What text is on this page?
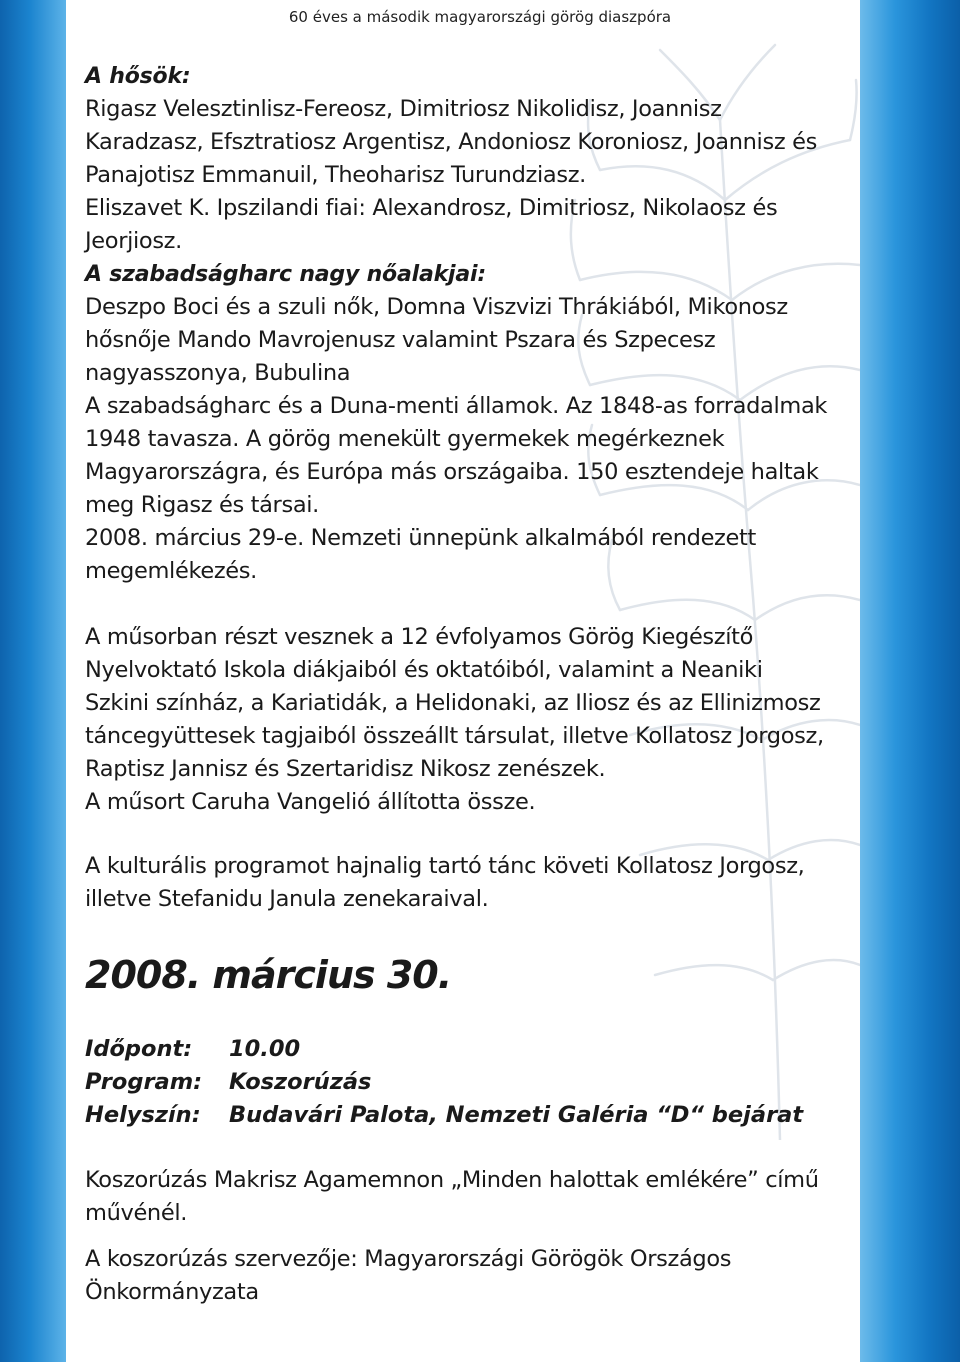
60 éves a második magyarországi görög diaszpóra

A hősök:

Rigasz Velesztinlisz-Fereosz, Dimitriosz Nikolidisz, Joannisz

Karadzasz, Efsztratiosz Argentisz, Andoniosz Koroniosz, Joannisz és

Panajotisz Emmanuil, Theoharisz Turundziasz.

Eliszavet K. Ipszilandi fiai: Alexandrosz, Dimitriosz, Nikolaosz és

Jeorjiosz.

A szabadságharc nagy nőalakjai:

Deszpo Boci és a szuli nők, Domna Viszvizi Thrákiából, Mikonosz

hősnője Mando Mavrojenusz valamint Pszara és Szpecesz

nagyasszonya, Bubulina

A szabadságharc és a Duna-menti államok. Az 1848-as forradalmak

1948 tavasza. A görög menekült gyermekek megérkeznek

Magyarországra, és Európa más országaiba. 150 esztendeje haltak

meg Rigasz és társai.

2008. március 29-e. Nemzeti ünnepünk alkalmából rendezett

megemlékezés.

A műsorban részt vesznek a 12 évfolyamos Görög Kiegészítő

Nyelvoktató Iskola diákjaiból és oktatóiból, valamint a Neaniki

Szkini színház, a Kariatidák, a Helidonaki, az Iliosz és az Ellinizmosz

táncegyüttesek tagjaiból összeállt társulat, illetve Kollatosz Jorgosz,

Raptisz Jannisz és Szertaridisz Nikosz zenészek.

A műsort Caruha Vangelió állította össze.

A kulturális programot hajnalig tartó tánc követi Kollatosz Jorgosz,

illetve Stefanidu Janula zenekaraival.

2008. március 30.
Időpont: 10.00
Program: Koszorúzás
Helyszín: Budavári Palota, Nemzeti Galéria “D“ bejárat

Koszorúzás Makrisz Agamemnon „Minden halottak emlékére” című

művénél.

A koszorúzás szervezője: Magyarországi Görögök Országos

Önkormányzata
